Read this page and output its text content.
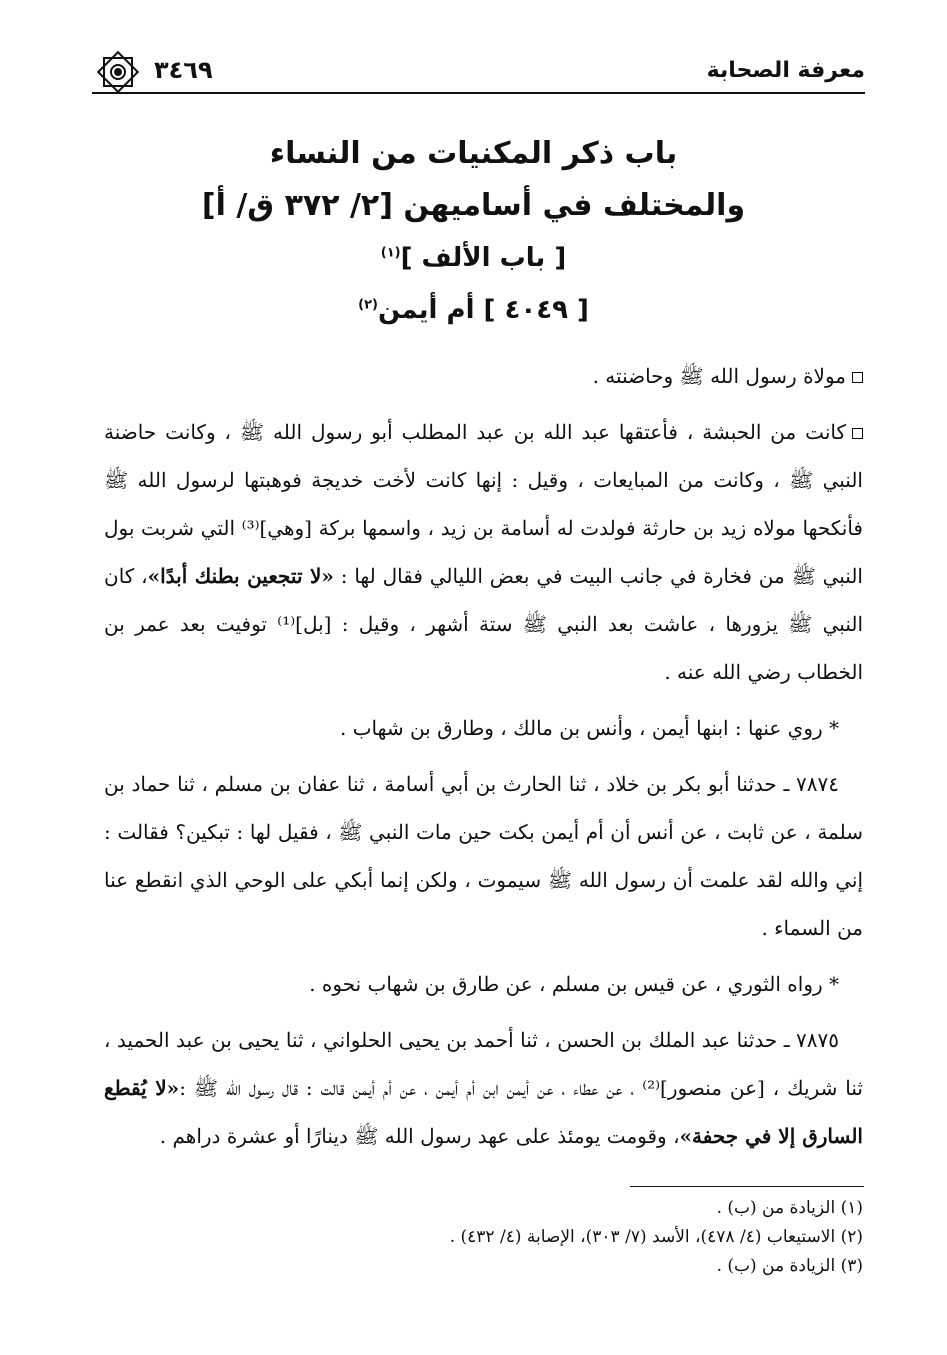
معرفة الصحابة
٣٤٦٩
باب ذكر المكنيات من النساء
والمختلف في أساميهن [٢/ ٣٧٢ ق/ أ]
[ باب الألف ]$^{(١)}$
[ ٤٠٤٩ ] أم أيمن$^{(٢)}$

مولاة رسول الله ﷺ وحاضنته .

كانت من الحبشة ، فأعتقها عبد الله بن عبد المطلب أبو رسول الله ﷺ ، وكانت حاضنة النبي ﷺ ، وكانت من المبايعات ، وقيل : إنها كانت لأخت خديجة فوهبتها لرسول الله ﷺ فأنكحها مولاه زيد بن حارثة فولدت له أسامة بن زيد ، واسمها بركة [وهي]⁽³⁾ التي شربت بول النبي ﷺ من فخارة في جانب البيت في بعض الليالي فقال لها : «لا تتجعين بطنك أبدًا»، كان النبي ﷺ يزورها ، عاشت بعد النبي ﷺ ستة أشهر ، وقيل : [بل]⁽¹⁾ توفيت بعد عمر بن الخطاب رضي الله عنه .

* روي عنها : ابنها أيمن ، وأنس بن مالك ، وطارق بن شهاب .

٧٨٧٤ ـ حدثنا أبو بكر بن خلاد ، ثنا الحارث بن أبي أسامة ، ثنا عفان بن مسلم ، ثنا حماد بن سلمة ، عن ثابت ، عن أنس أن أم أيمن بكت حين مات النبي ﷺ ، فقيل لها : تبكين؟ فقالت : إني والله لقد علمت أن رسول الله ﷺ سيموت ، ولكن إنما أبكي على الوحي الذي انقطع عنا من السماء .

* رواه الثوري ، عن قيس بن مسلم ، عن طارق بن شهاب نحوه .

٧٨٧٥ ـ حدثنا عبد الملك بن الحسن ، ثنا أحمد بن يحيى الحلواني ، ثنا يحيى بن عبد الحميد ، ثنا شريك ، [عن منصور]⁽²⁾ ، عن عطاء ، عن أيمن ابن أم أيمن ، عن أم أيمن قالت : قال رسول الله ﷺ :«لا يُقطع السارق إلا في جحفة»، وقومت يومئذ على عهد رسول الله ﷺ دينارًا أو عشرة دراهم .

(١) الزيادة من (ب) .

(٢) الاستيعاب (٤/ ٤٧٨)، الأسد (٧/ ٣٠٣)، الإصابة (٤/ ٤٣٢) .

(٣) الزيادة من (ب) .
